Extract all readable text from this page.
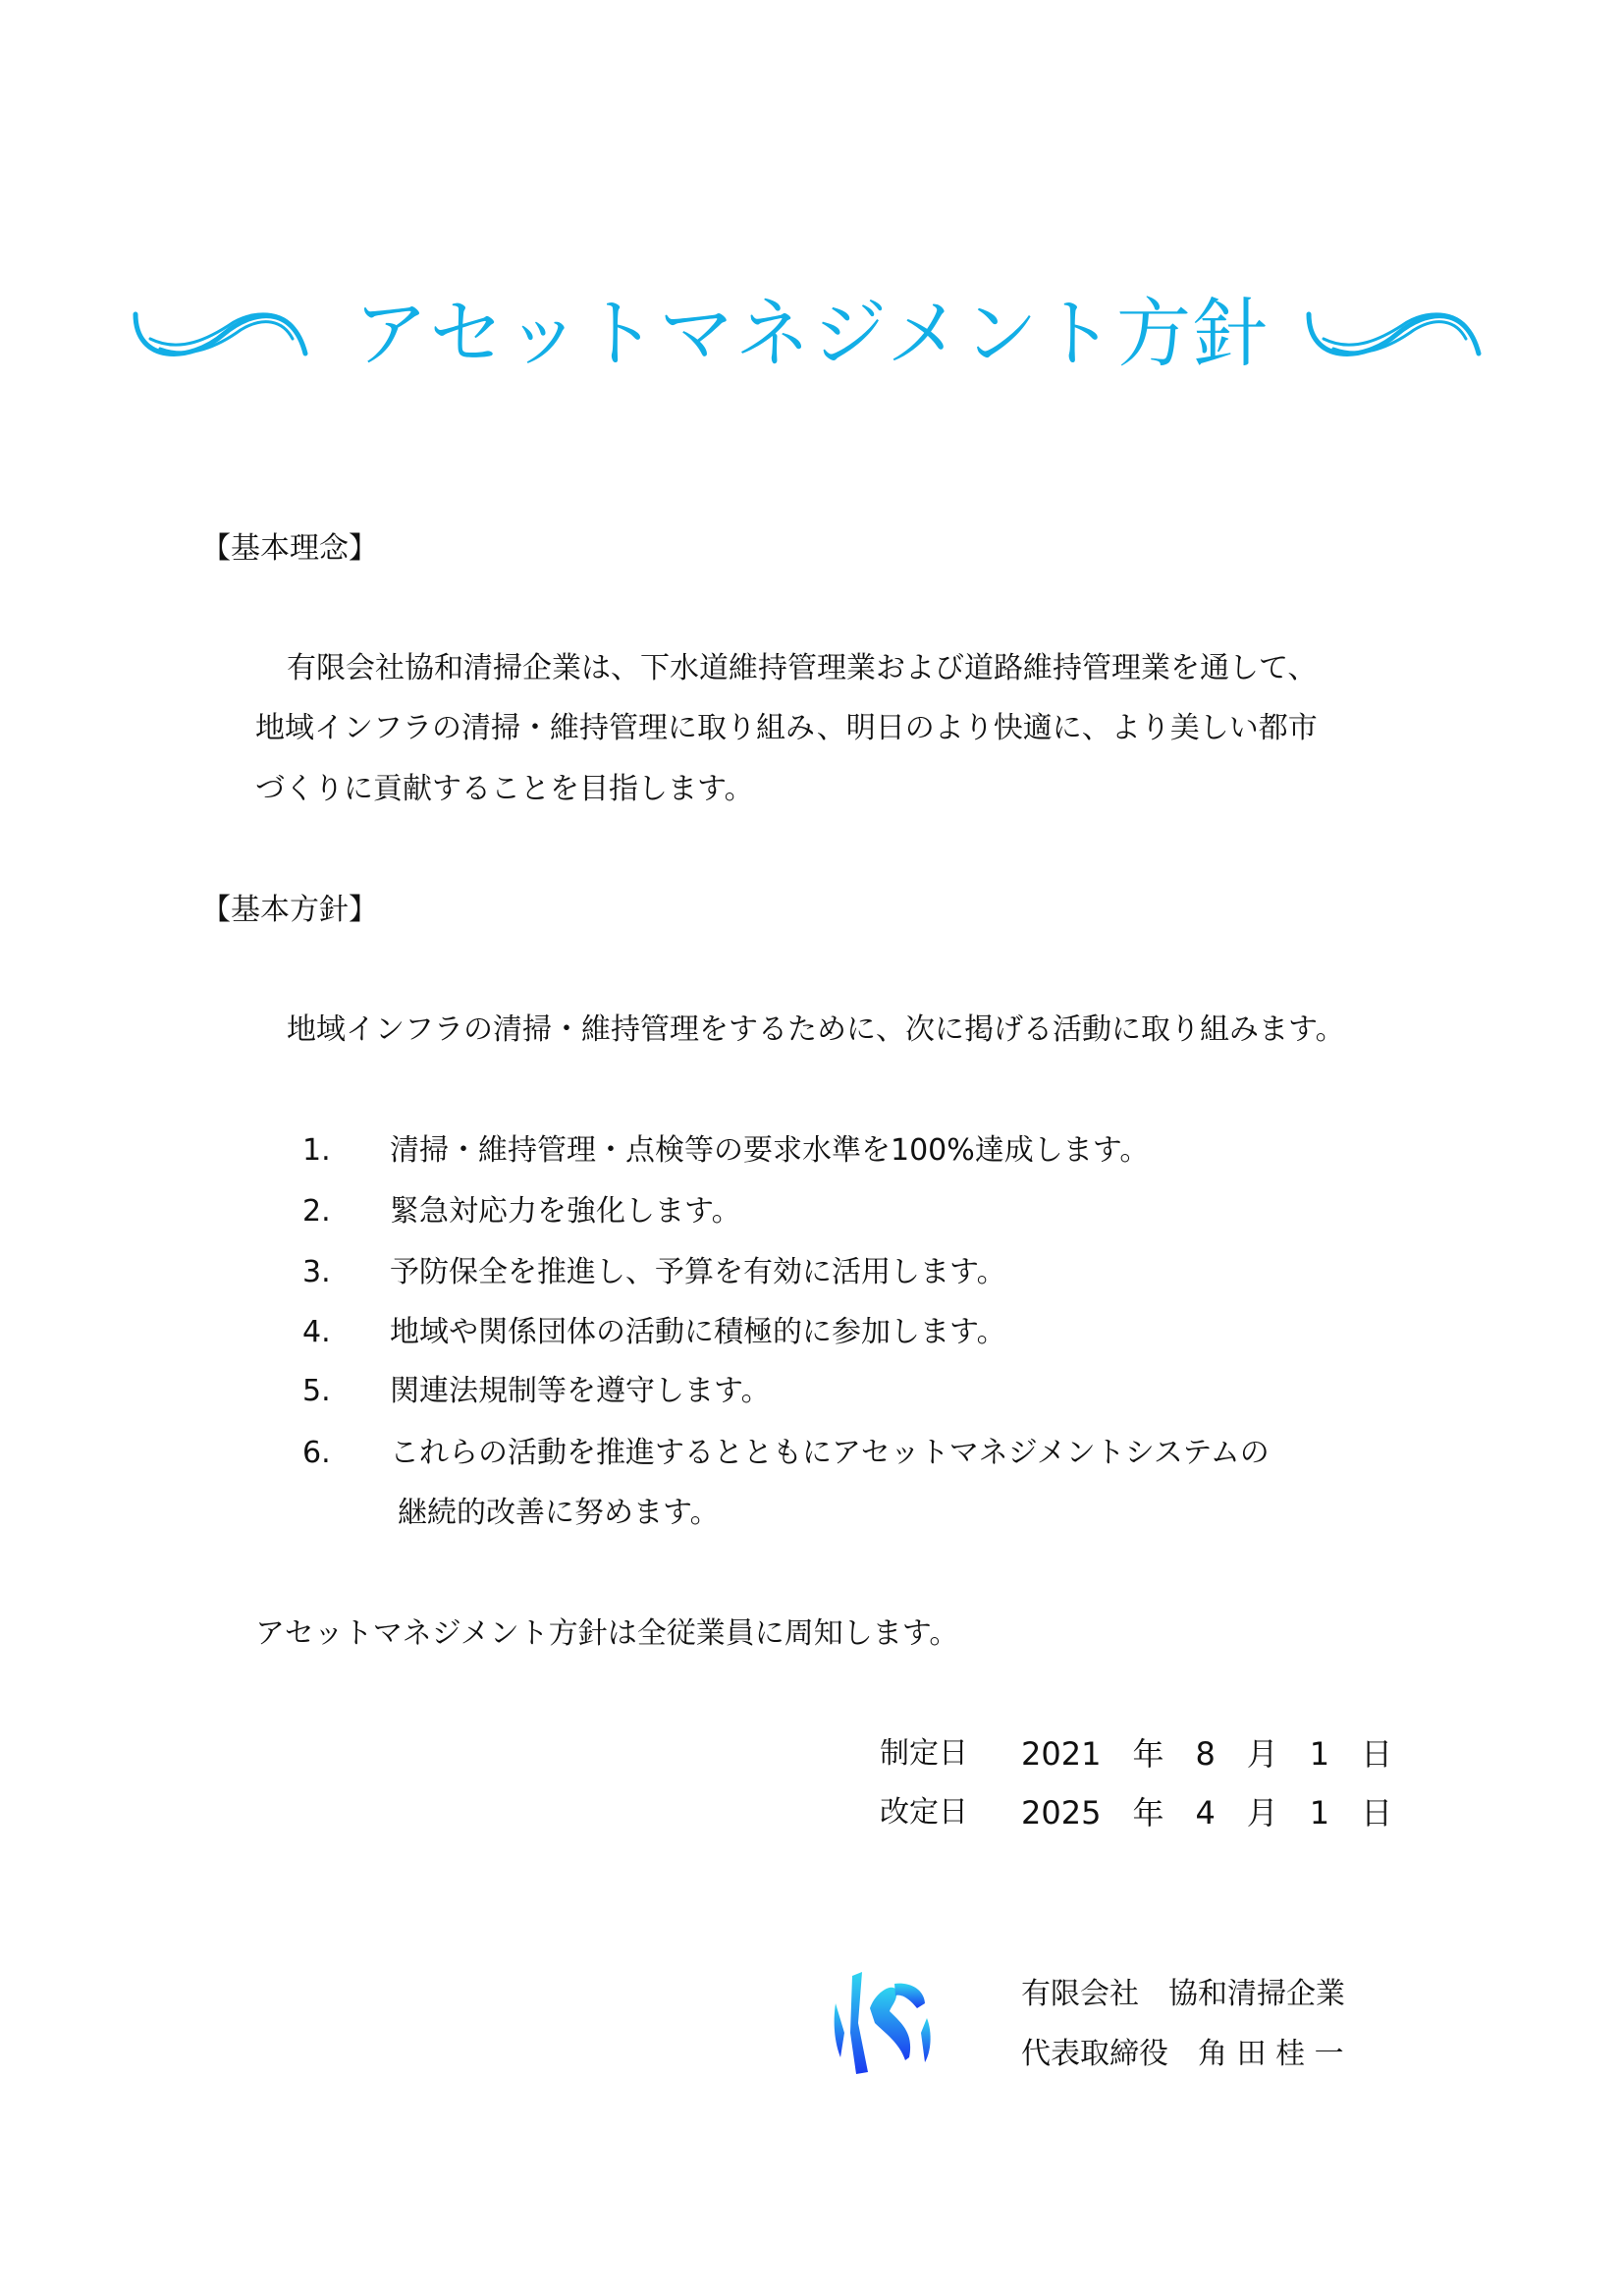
アセットマネジメント方針
【基本理念】
有限会社協和清掃企業は、下水道維持管理業および道路維持管理業を通して、
地域インフラの清掃・維持管理に取り組み、明日のより快適に、より美しい都市
づくりに貢献することを目指します。
【基本方針】
地域インフラの清掃・維持管理をするために、次に掲げる活動に取り組みます。
1. 清掃・維持管理・点検等の要求水準を100%達成します。
2. 緊急対応力を強化します。
3. 予防保全を推進し、予算を有効に活用します。
4. 地域や関係団体の活動に積極的に参加します。
5. 関連法規制等を遵守します。
6. これらの活動を推進するとともにアセットマネジメントシステムの
継続的改善に努めます。
アセットマネジメント方針は全従業員に周知します。
制定日 2021　年　8　月　1　日
改定日 2025　年　4　月　1　日
有限会社　協和清掃企業
代表取締役　角 田 桂 一
